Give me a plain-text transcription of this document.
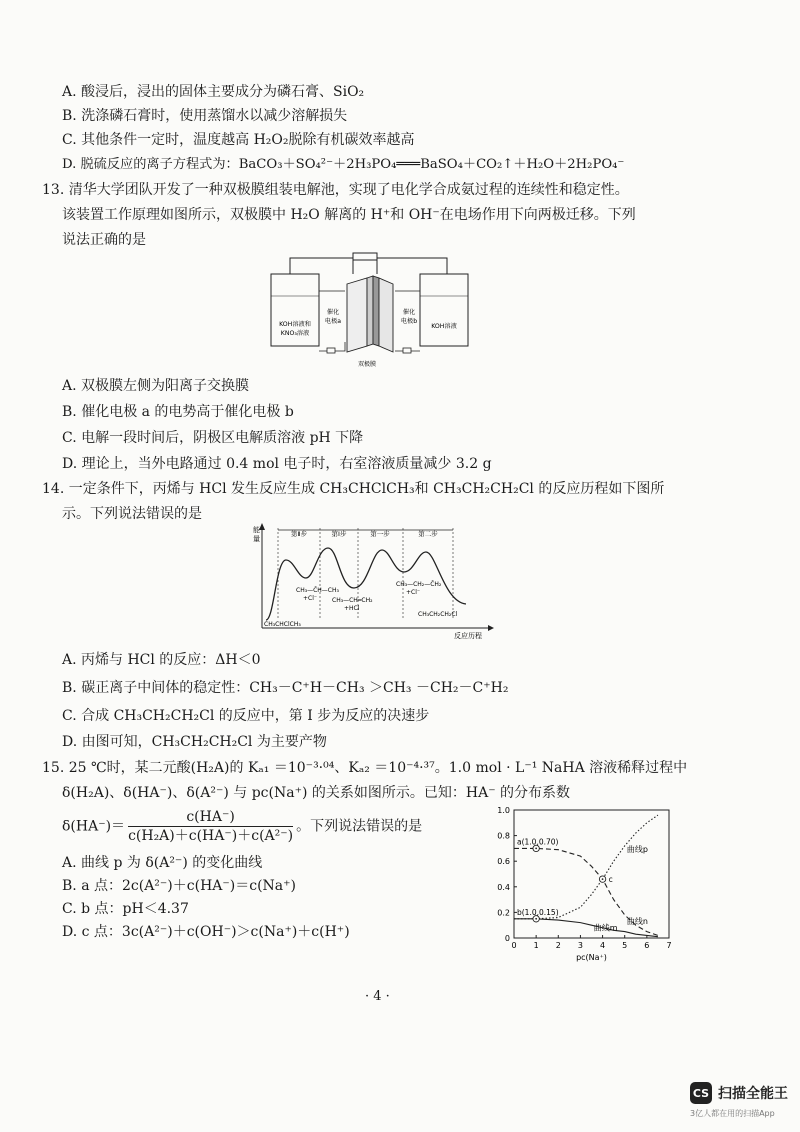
A. 酸浸后，浸出的固体主要成分为磷石膏、SiO₂
B. 洗涤磷石膏时，使用蒸馏水以减少溶解损失
C. 其他条件一定时，温度越高 H₂O₂脱除有机碳效率越高
D. 脱硫反应的离子方程式为：BaCO₃＋SO₄²⁻＋2H₃PO₄═══BaSO₄＋CO₂↑＋H₂O＋2H₂PO₄⁻
13. 清华大学团队开发了一种双极膜组装电解池，实现了电化学合成氨过程的连续性和稳定性。
该装置工作原理如图所示，双极膜中 H₂O 解离的 H⁺和 OH⁻在电场作用下向两极迁移。下列
说法正确的是
KOH溶液和
KNO₃溶液
催化
电极a
催化
电极b
KOH溶液
双极膜
A. 双极膜左侧为阳离子交换膜
B. 催化电极 a 的电势高于催化电极 b
C. 电解一段时间后，阴极区电解质溶液 pH 下降
D. 理论上，当外电路通过 0.4 mol 电子时，右室溶液质量减少 3.2 g
14. 一定条件下，丙烯与 HCl 发生反应生成 CH₃CHClCH₃和 CH₃CH₂CH₂Cl 的反应历程如下图所
示。下列说法错误的是
能
量
反应历程
第Ⅱ步	第Ⅰ步	第一步	第二步
CH₃—C̄H—CH₃
+Cl⁻ CH₃—CH═CH₂
+HCl
CH₃—CH₂—C̄H₂
+Cl⁻
CH₃CHClCH₃
CH₃CH₂CH₂Cl
A. 丙烯与 HCl 的反应：ΔH＜0
B. 碳正离子中间体的稳定性：CH₃－C⁺H－CH₃ ＞CH₃ －CH₂－C⁺H₂
C. 合成 CH₃CH₂CH₂Cl 的反应中，第 Ⅰ 步为反应的决速步
D. 由图可知，CH₃CH₂CH₂Cl 为主要产物
15. 25 ℃时，某二元酸(H₂A)的 Kₐ₁ ＝10⁻³·⁰⁴、Kₐ₂ ＝10⁻⁴·³⁷。1.0 mol · L⁻¹ NaHA 溶液稀释过程中
δ(H₂A)、δ(HA⁻)、δ(A²⁻) 与 pc(Na⁺) 的关系如图所示。已知：HA⁻ 的分布系数
$\delta(HA^-)= \frac{c(HA^-)}{\text{c(H₂A)＋c(HA⁻)＋c(A²⁻)}}$ 。下列说法错误的是
A. 曲线 p 为 δ(A²⁻) 的变化曲线
B. a 点：2c(A²⁻)＋c(HA⁻)＝c(Na⁺)
C. b 点：pH＜4.37
D. c 点：3c(A²⁻)＋c(OH⁻)＞c(Na⁺)＋c(H⁺)
0 1 2 3 4 5 6 7
0
0.2
0.4
0.6
0.8
1.0
a(1.0,0.70)
b(1.0,0.15)
c
曲线p
曲线n
曲线m
pc(Na⁺)
· 4 ·
CS 扫描全能王
3亿人都在用的扫描App
